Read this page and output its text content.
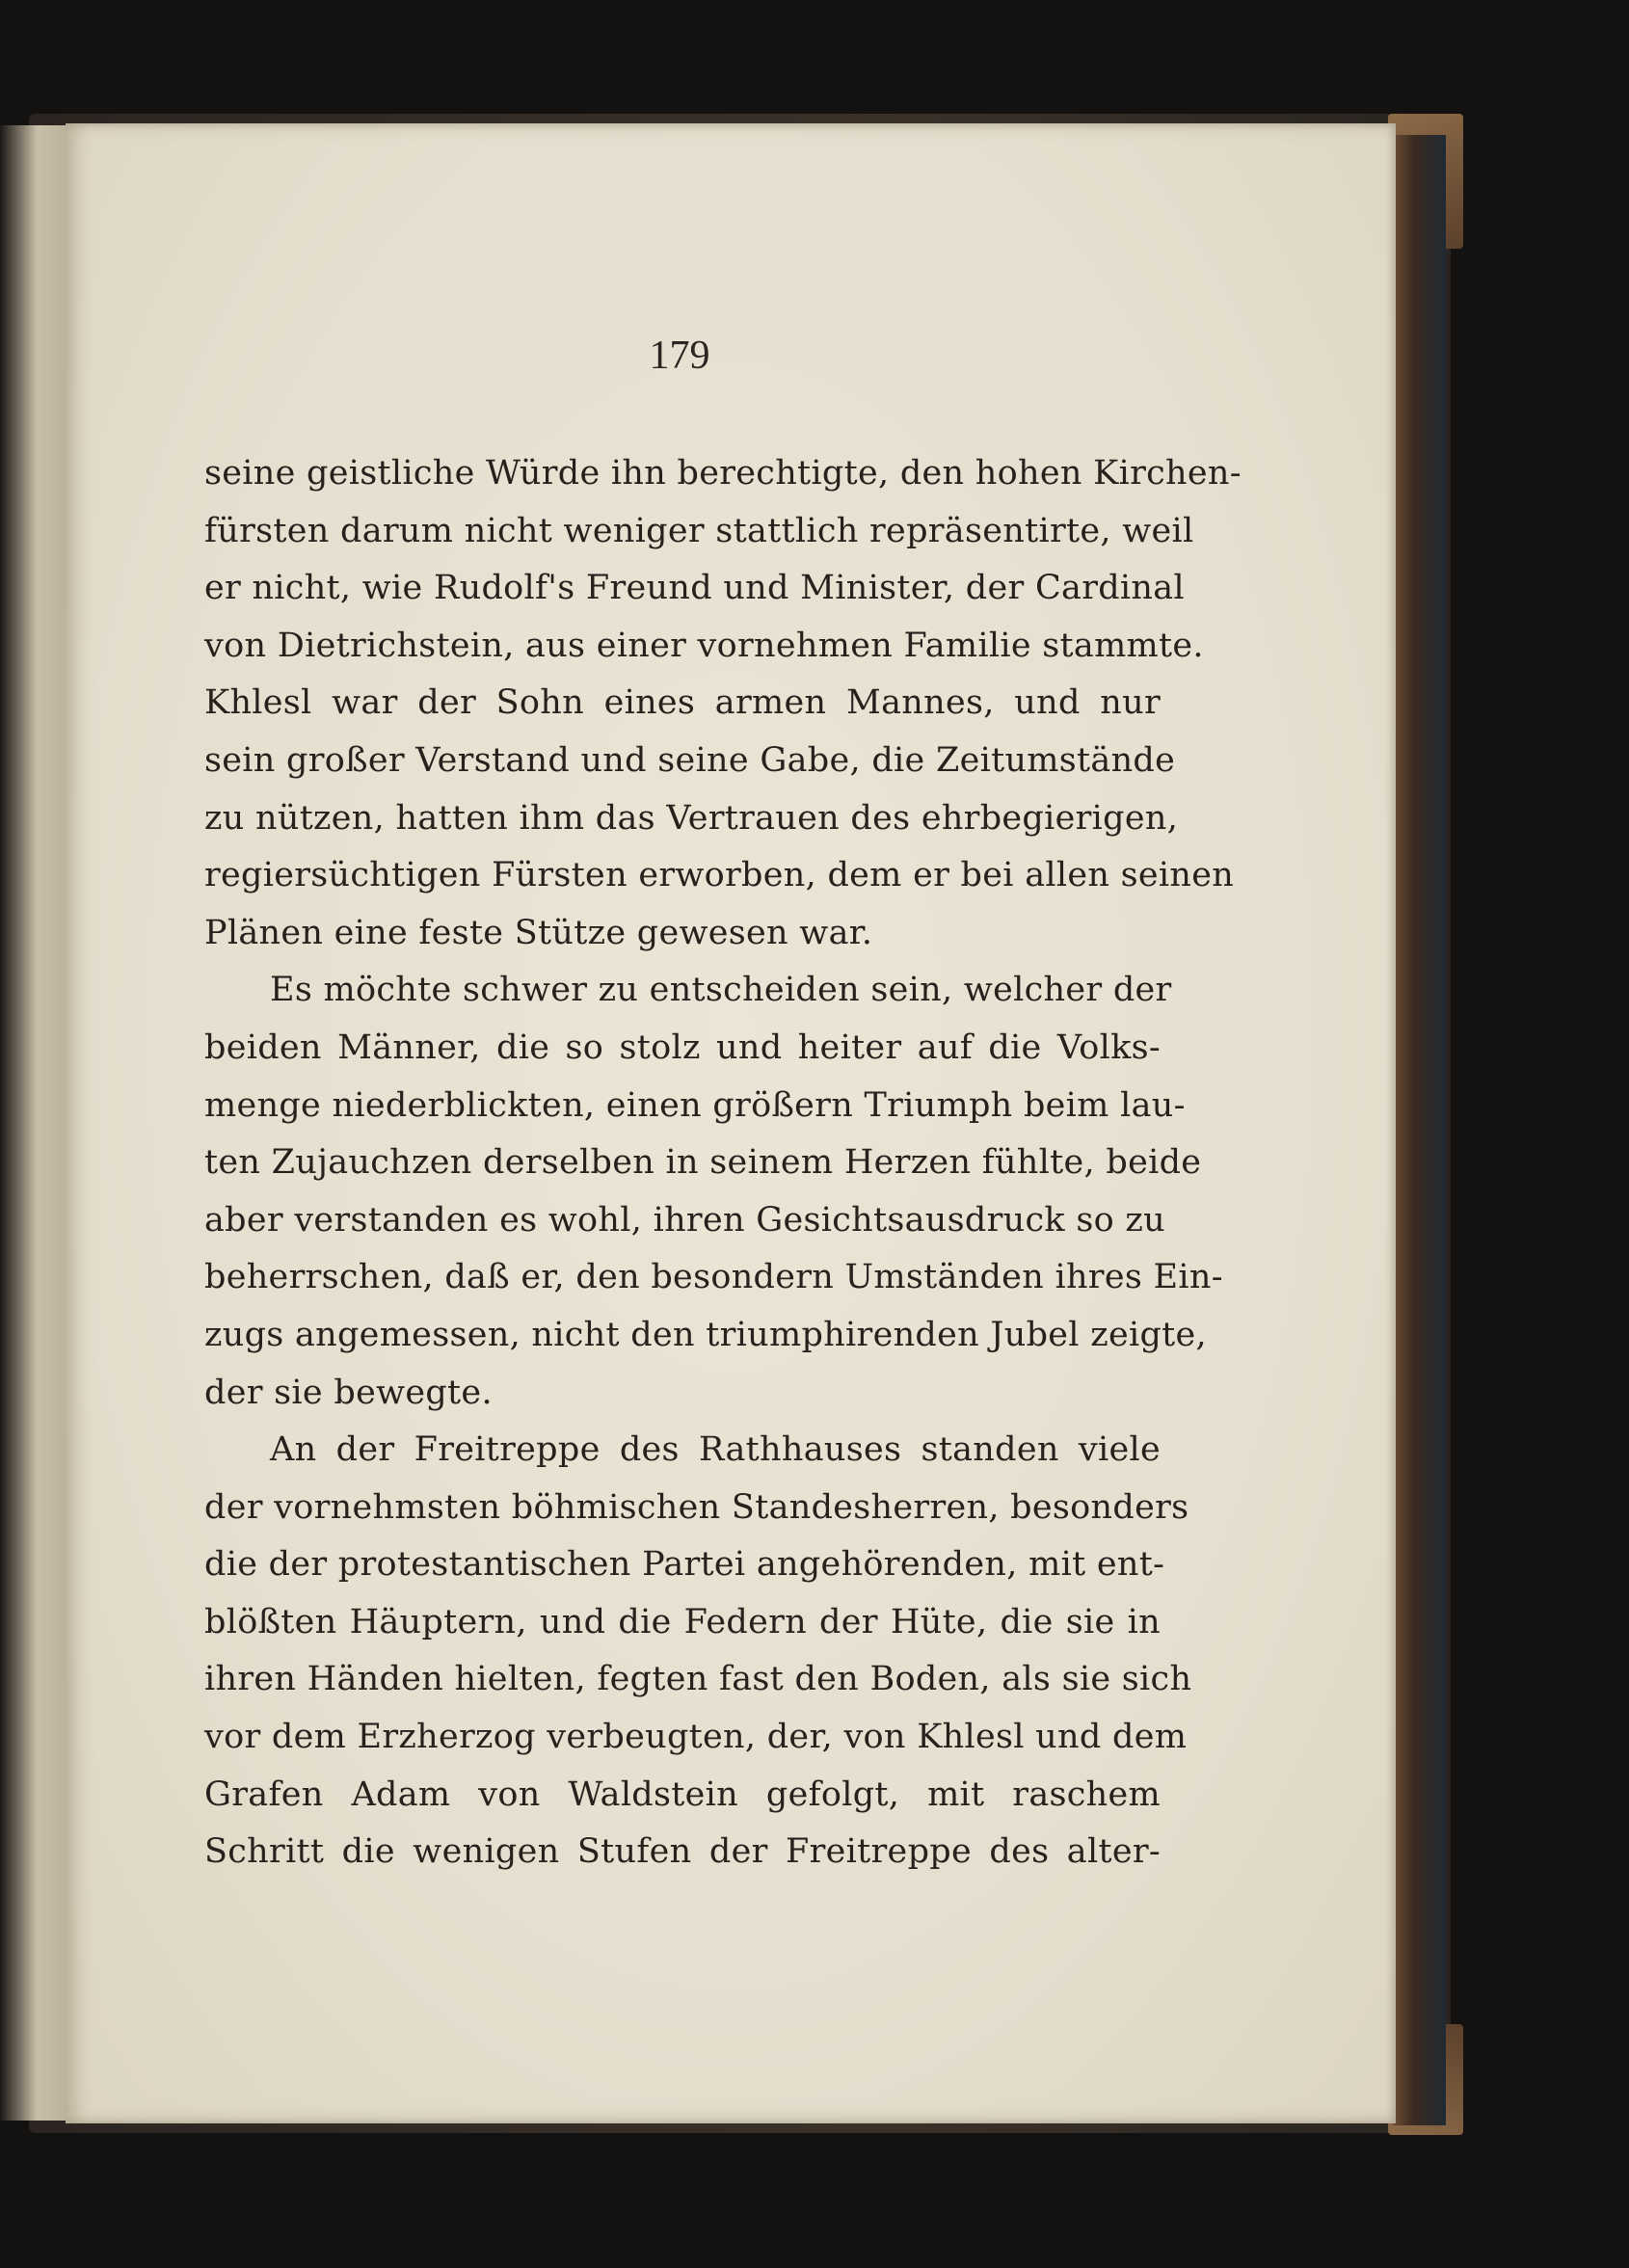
179
seine geistliche Würde ihn berechtigte, den hohen Kirchen-
fürsten darum nicht weniger stattlich repräsentirte, weil
er nicht, wie Rudolf's Freund und Minister, der Cardinal
von Dietrichstein, aus einer vornehmen Familie stammte.
Khlesl war der Sohn eines armen Mannes, und nur
sein großer Verstand und seine Gabe, die Zeitumstände
zu nützen, hatten ihm das Vertrauen des ehrbegierigen,
regiersüchtigen Fürsten erworben, dem er bei allen seinen
Plänen eine feste Stütze gewesen war.
Es möchte schwer zu entscheiden sein, welcher der
beiden Männer, die so stolz und heiter auf die Volks-
menge niederblickten, einen größern Triumph beim lau-
ten Zujauchzen derselben in seinem Herzen fühlte, beide
aber verstanden es wohl, ihren Gesichtsausdruck so zu
beherrschen, daß er, den besondern Umständen ihres Ein-
zugs angemessen, nicht den triumphirenden Jubel zeigte,
der sie bewegte.
An der Freitreppe des Rathhauses standen viele
der vornehmsten böhmischen Standesherren, besonders
die der protestantischen Partei angehörenden, mit ent-
blößten Häuptern, und die Federn der Hüte, die sie in
ihren Händen hielten, fegten fast den Boden, als sie sich
vor dem Erzherzog verbeugten, der, von Khlesl und dem
Grafen Adam von Waldstein gefolgt, mit raschem
Schritt die wenigen Stufen der Freitreppe des alter-
